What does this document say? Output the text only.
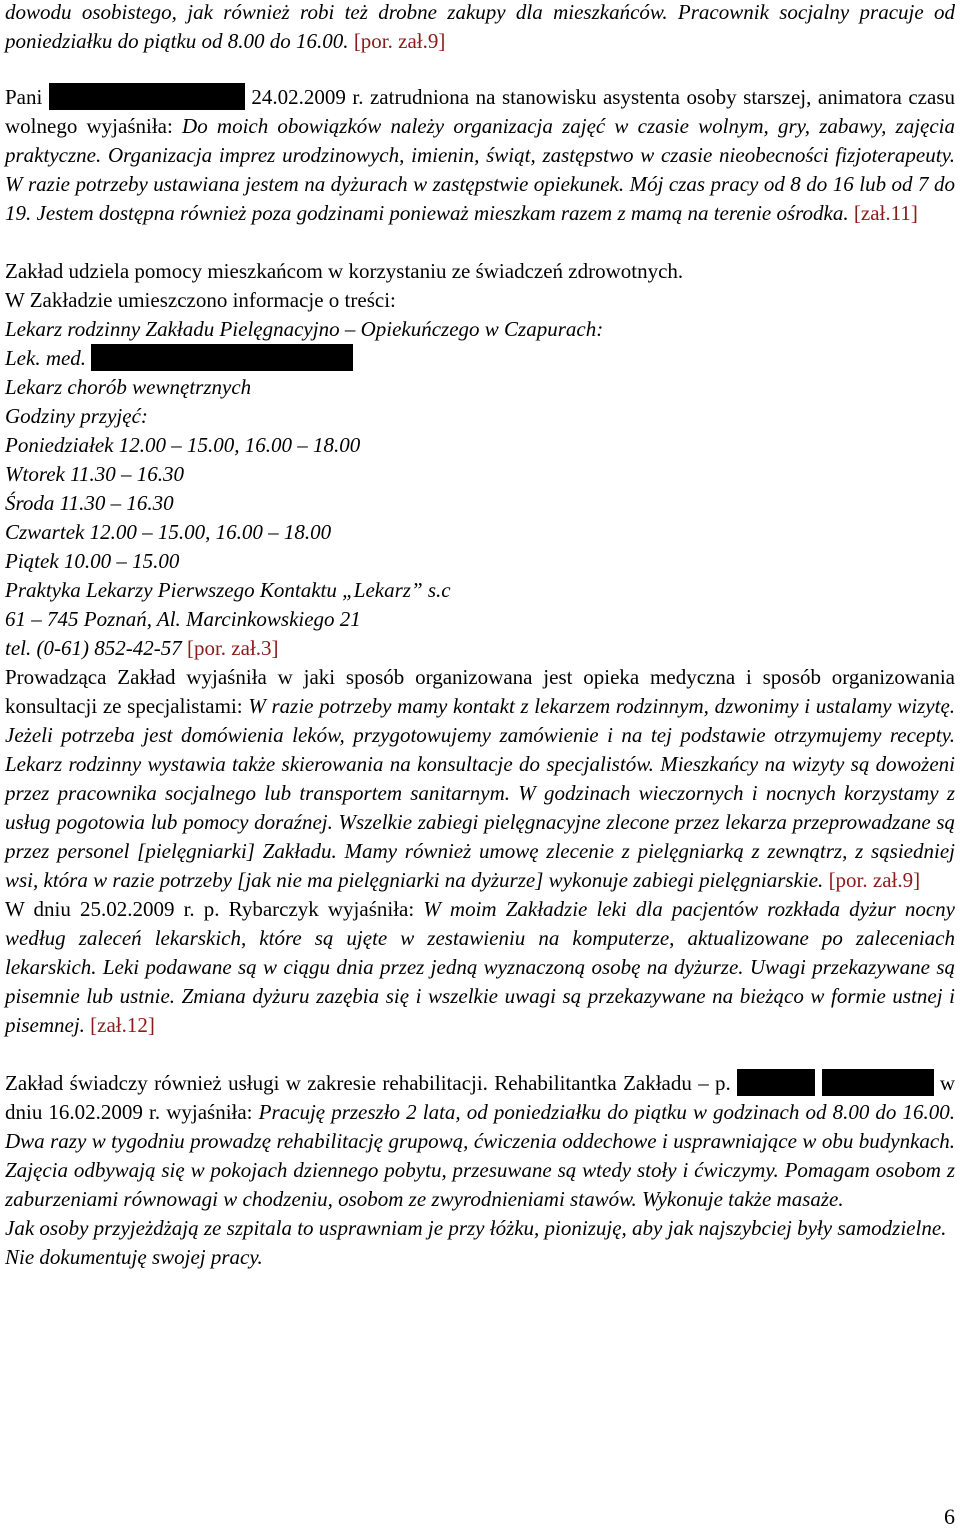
dowodu osobistego, jak również robi też drobne zakupy dla mieszkańców. Pracownik socjalny pracuje od poniedziałku do piątku od 8.00 do 16.00. [por. zał.9]

Pani	24.02.2009 r. zatrudniona na stanowisku asystenta osoby starszej, animatora czasu wolnego wyjaśniła: Do moich obowiązków należy organizacja zajęć w czasie wolnym, gry, zabawy, zajęcia praktyczne. Organizacja imprez urodzinowych, imienin, świąt, zastępstwo w czasie nieobecności fizjoterapeuty. W razie potrzeby ustawiana jestem na dyżurach w zastępstwie opiekunek. Mój czas pracy od 8 do 16 lub od 7 do 19. Jestem dostępna również poza godzinami ponieważ mieszkam razem z mamą na terenie ośrodka. [zał.11]

Zakład udziela pomocy mieszkańcom w korzystaniu ze świadczeń zdrowotnych.

W Zakładzie umieszczono informacje o treści:

Lekarz rodzinny Zakładu Pielęgnacyjno – Opiekuńczego w Czapurach:

Lek. med.

Lekarz chorób wewnętrznych

Godziny przyjęć:

Poniedziałek 12.00 – 15.00, 16.00 – 18.00

Wtorek 11.30 – 16.30

Środa 11.30 – 16.30

Czwartek 12.00 – 15.00, 16.00 – 18.00

Piątek 10.00 – 15.00

Praktyka Lekarzy Pierwszego Kontaktu „Lekarz” s.c

61 – 745 Poznań, Al. Marcinkowskiego 21

tel. (0-61) 852-42-57 [por. zał.3]

Prowadząca Zakład wyjaśniła w jaki sposób organizowana jest opieka medyczna i sposób organizowania konsultacji ze specjalistami: W razie potrzeby mamy kontakt z lekarzem rodzinnym, dzwonimy i ustalamy wizytę. Jeżeli potrzeba jest domówienia leków, przygotowujemy zamówienie i na tej podstawie otrzymujemy recepty. Lekarz rodzinny wystawia także skierowania na konsultacje do specjalistów. Mieszkańcy na wizyty są dowożeni przez pracownika socjalnego lub transportem sanitarnym. W godzinach wieczornych i nocnych korzystamy z usług pogotowia lub pomocy doraźnej. Wszelkie zabiegi pielęgnacyjne zlecone przez lekarza przeprowadzane są przez personel [pielęgniarki] Zakładu. Mamy również umowę zlecenie z pielęgniarką z zewnątrz, z sąsiedniej wsi, która w razie potrzeby [jak nie ma pielęgniarki na dyżurze] wykonuje zabiegi pielęgniarskie. [por. zał.9]

W dniu 25.02.2009 r. p. Rybarczyk wyjaśniła: W moim Zakładzie leki dla pacjentów rozkłada dyżur nocny według zaleceń lekarskich, które są ujęte w zestawieniu na komputerze, aktualizowane po zaleceniach lekarskich. Leki podawane są w ciągu dnia przez jedną wyznaczoną osobę na dyżurze. Uwagi przekazywane są pisemnie lub ustnie. Zmiana dyżuru zazębia się i wszelkie uwagi są przekazywane na bieżąco w formie ustnej i pisemnej. [zał.12]

Zakład świadczy również usługi w zakresie rehabilitacji. Rehabilitantka Zakładu – p.	w dniu 16.02.2009 r. wyjaśniła: Pracuję przeszło 2 lata, od poniedziałku do piątku w godzinach od 8.00 do 16.00. Dwa razy w tygodniu prowadzę rehabilitację grupową, ćwiczenia oddechowe i usprawniające w obu budynkach. Zajęcia odbywają się w pokojach dziennego pobytu, przesuwane są wtedy stoły i ćwiczymy. Pomagam osobom z zaburzeniami równowagi w chodzeniu, osobom ze zwyrodnieniami stawów. Wykonuje także masaże.

Jak osoby przyjeżdżają ze szpitala to usprawniam je przy łóżku, pionizuję, aby jak najszybciej były samodzielne. Nie dokumentuję swojej pracy.

6
